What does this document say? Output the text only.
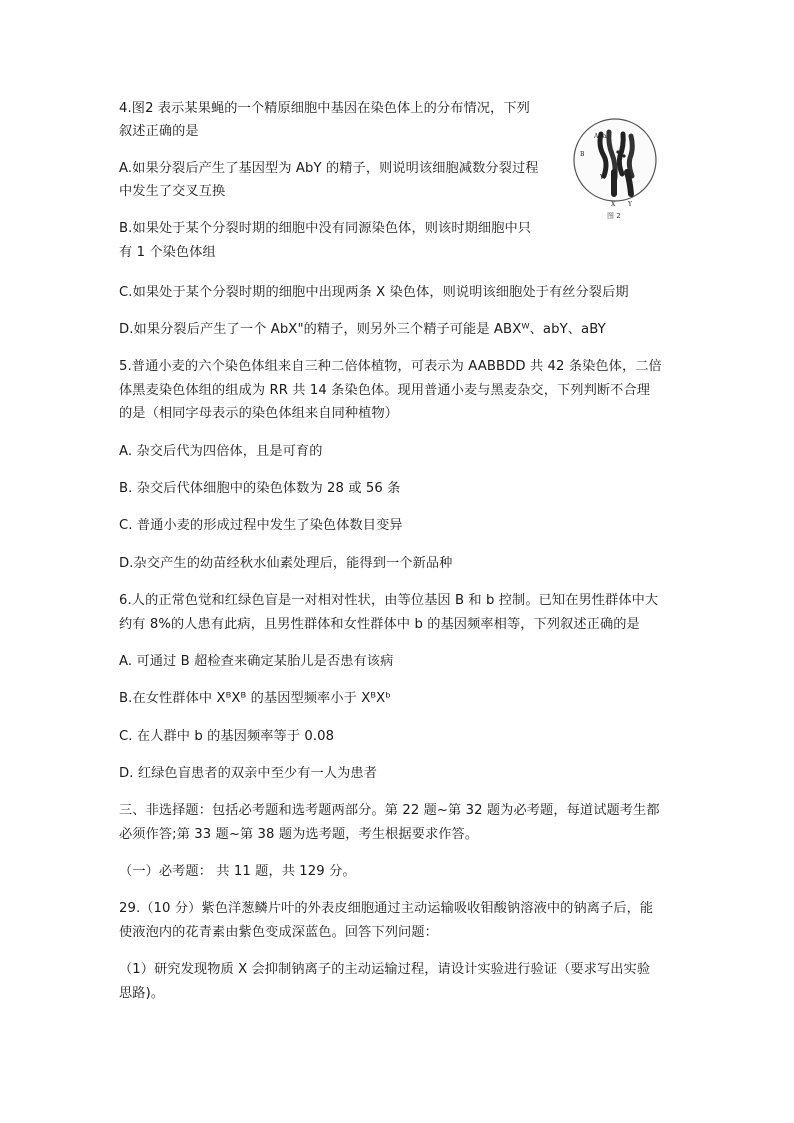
4.图2 表示某果蝇的一个精原细胞中基因在染色体上的分布情况，下列
叙述正确的是
A.如果分裂后产生了基因型为 AbY 的精子，则说明该细胞减数分裂过程
中发生了交叉互换
B.如果处于某个分裂时期的细胞中没有同源染色体，则该时期细胞中只
有 1 个染色体组
C.如果处于某个分裂时期的细胞中出现两条 X 染色体，则说明该细胞处于有丝分裂后期
D.如果分裂后产生了一个 AbX"的精子，则另外三个精子可能是 ABXᵂ、abY、aBY
A a
B
b
W
X Y
图 2
5.普通小麦的六个染色体组来自三种二倍体植物，可表示为 AABBDD 共 42 条染色体，二倍
体黑麦染色体组的组成为 RR 共 14 条染色体。现用普通小麦与黑麦杂交，下列判断不合理
的是（相同字母表示的染色体组来自同种植物）
A. 杂交后代为四倍体，且是可育的
B. 杂交后代体细胞中的染色体数为 28 或 56 条
C. 普通小麦的形成过程中发生了染色体数目变异
D.杂交产生的幼苗经秋水仙素处理后，能得到一个新品种
6.人的正常色觉和红绿色盲是一对相对性状，由等位基因 B 和 b 控制。已知在男性群体中大
约有 8%的人患有此病，且男性群体和女性群体中 b 的基因频率相等，下列叙述正确的是
A. 可通过 B 超检查来确定某胎儿是否患有该病
B.在女性群体中 XᴮXᴮ 的基因型频率小于 XᴮXᵇ
C. 在人群中 b 的基因频率等于 0.08
D. 红绿色盲患者的双亲中至少有一人为患者
三、非选择题：包括必考题和选考题两部分。第 22 题~第 32 题为必考题，每道试题考生都
必须作答;第 33 题~第 38 题为选考题，考生根据要求作答。
（一）必考题： 共 11 题，共 129 分。
29.（10 分）紫色洋葱鳞片叶的外表皮细胞通过主动运输吸收钼酸钠溶液中的钠离子后，能
使液泡内的花青素由紫色变成深蓝色。回答下列问题：
（1）研究发现物质 X 会抑制钠离子的主动运输过程，请设计实验进行验证（要求写出实验
思路)。
